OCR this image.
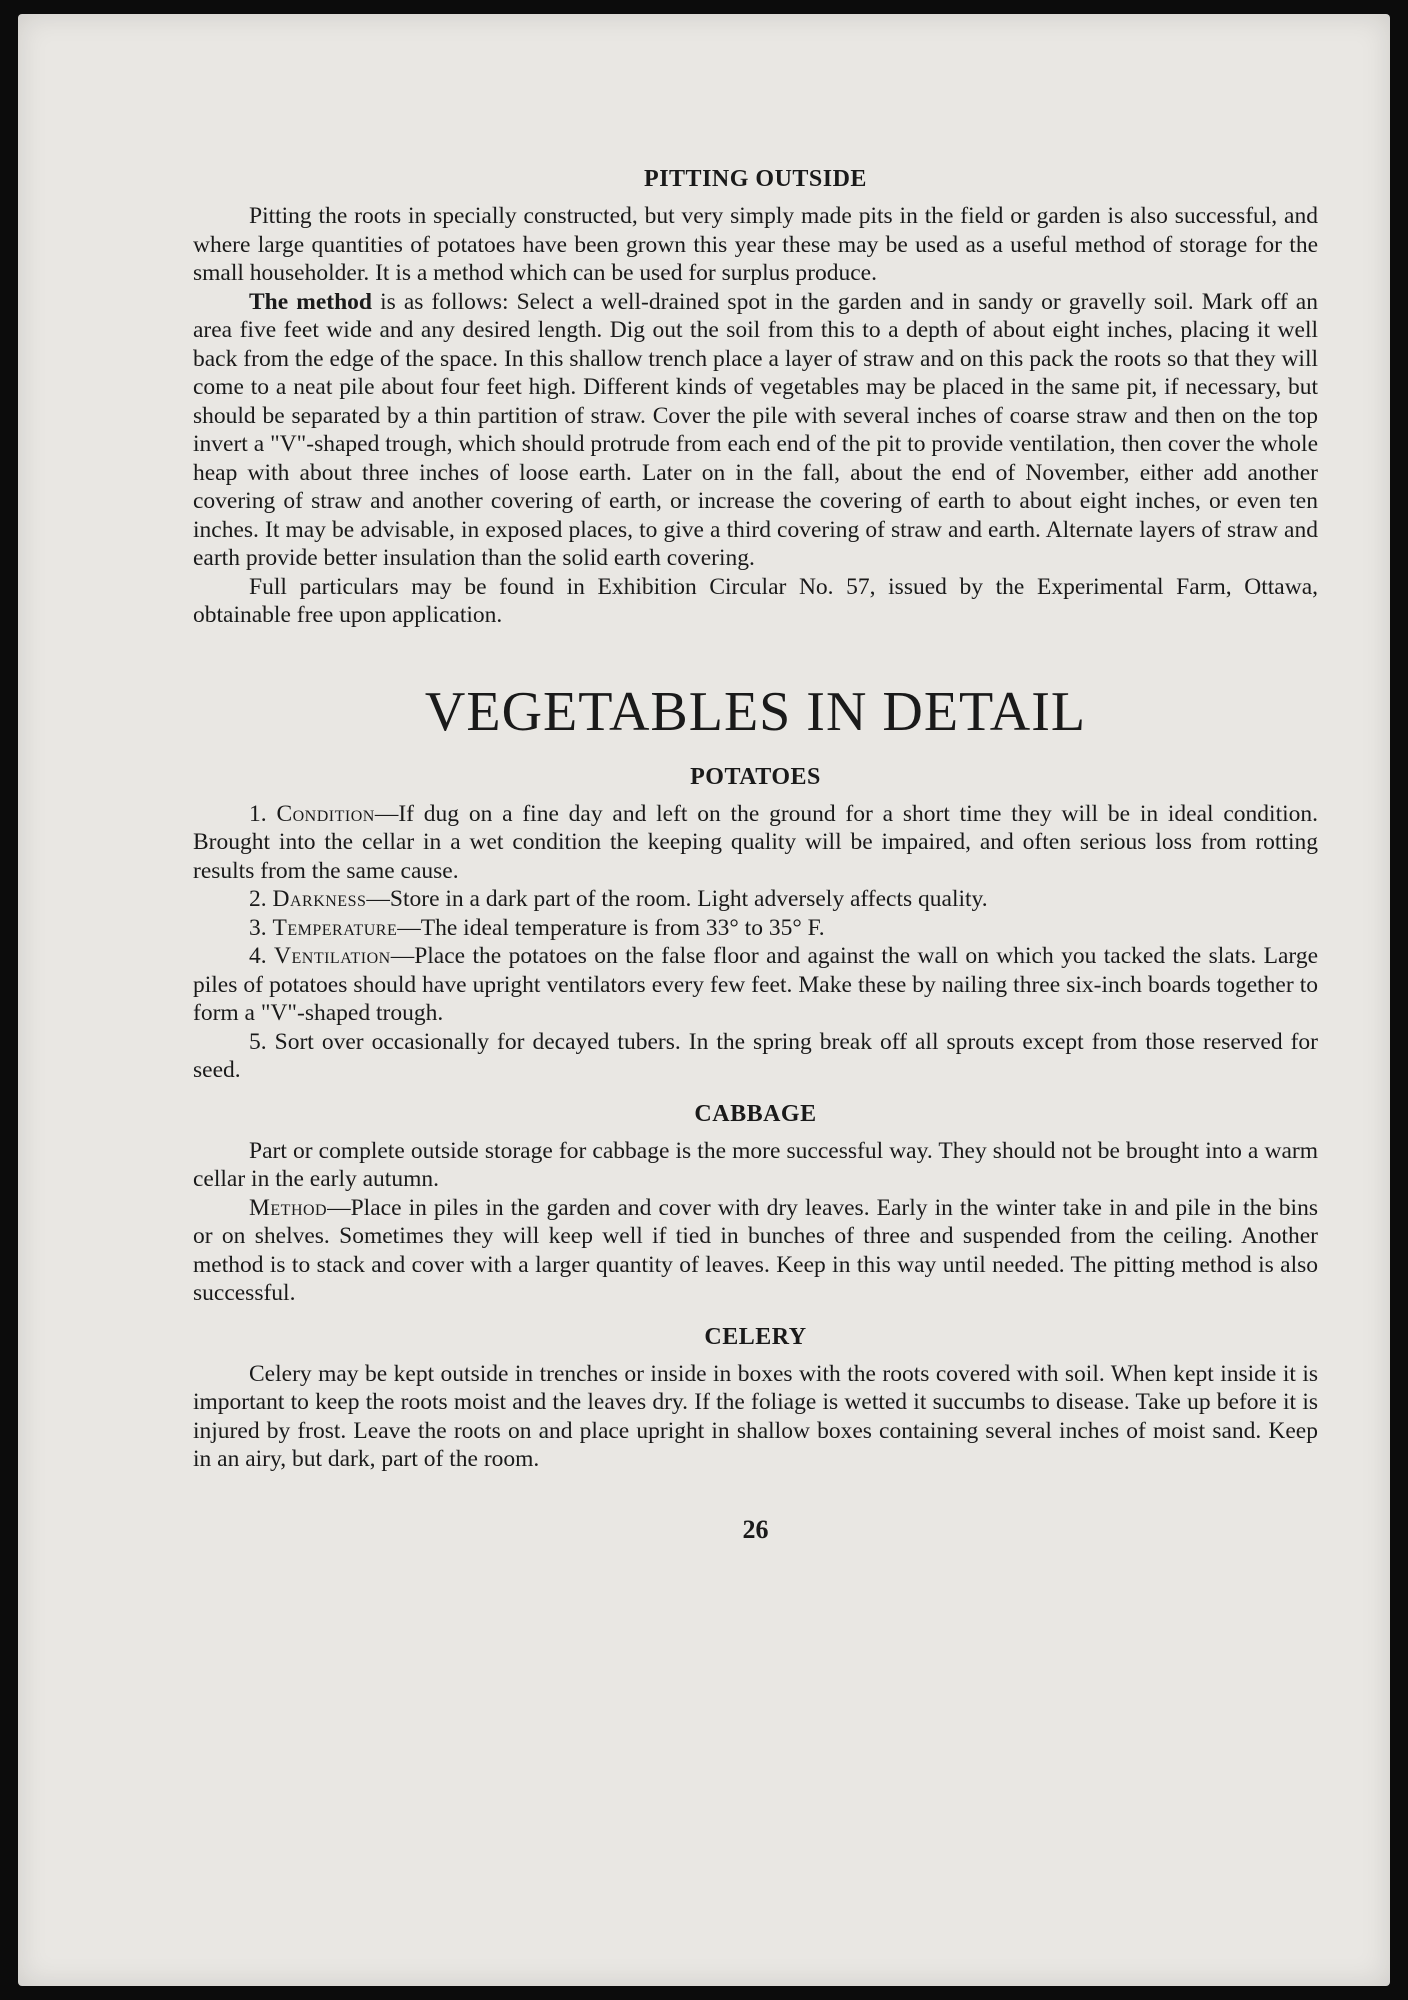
PITTING OUTSIDE

Pitting the roots in specially constructed, but very simply made pits in the field or garden is also successful, and where large quantities of potatoes have been grown this year these may be used as a useful method of storage for the small householder. It is a method which can be used for surplus produce.

The method is as follows: Select a well-drained spot in the garden and in sandy or gravelly soil. Mark off an area five feet wide and any desired length. Dig out the soil from this to a depth of about eight inches, placing it well back from the edge of the space. In this shallow trench place a layer of straw and on this pack the roots so that they will come to a neat pile about four feet high. Different kinds of vegetables may be placed in the same pit, if necessary, but should be separated by a thin partition of straw. Cover the pile with several inches of coarse straw and then on the top invert a "V"-shaped trough, which should protrude from each end of the pit to provide ventilation, then cover the whole heap with about three inches of loose earth. Later on in the fall, about the end of November, either add another covering of straw and another covering of earth, or increase the covering of earth to about eight inches, or even ten inches. It may be advisable, in exposed places, to give a third covering of straw and earth. Alternate layers of straw and earth provide better insulation than the solid earth covering.

Full particulars may be found in Exhibition Circular No. 57, issued by the Experimental Farm, Ottawa, obtainable free upon application.

VEGETABLES IN DETAIL
POTATOES

1. Condition—If dug on a fine day and left on the ground for a short time they will be in ideal condition. Brought into the cellar in a wet condition the keeping quality will be impaired, and often serious loss from rotting results from the same cause.

2. Darkness—Store in a dark part of the room. Light adversely affects quality.

3. Temperature—The ideal temperature is from 33° to 35° F.

4. Ventilation—Place the potatoes on the false floor and against the wall on which you tacked the slats. Large piles of potatoes should have upright ventilators every few feet. Make these by nailing three six-inch boards together to form a "V"-shaped trough.

5. Sort over occasionally for decayed tubers. In the spring break off all sprouts except from those reserved for seed.

CABBAGE

Part or complete outside storage for cabbage is the more successful way. They should not be brought into a warm cellar in the early autumn.

Method—Place in piles in the garden and cover with dry leaves. Early in the winter take in and pile in the bins or on shelves. Sometimes they will keep well if tied in bunches of three and suspended from the ceiling. Another method is to stack and cover with a larger quantity of leaves. Keep in this way until needed. The pitting method is also successful.

CELERY

Celery may be kept outside in trenches or inside in boxes with the roots covered with soil. When kept inside it is important to keep the roots moist and the leaves dry. If the foliage is wetted it succumbs to disease. Take up before it is injured by frost. Leave the roots on and place upright in shallow boxes containing several inches of moist sand. Keep in an airy, but dark, part of the room.

26
